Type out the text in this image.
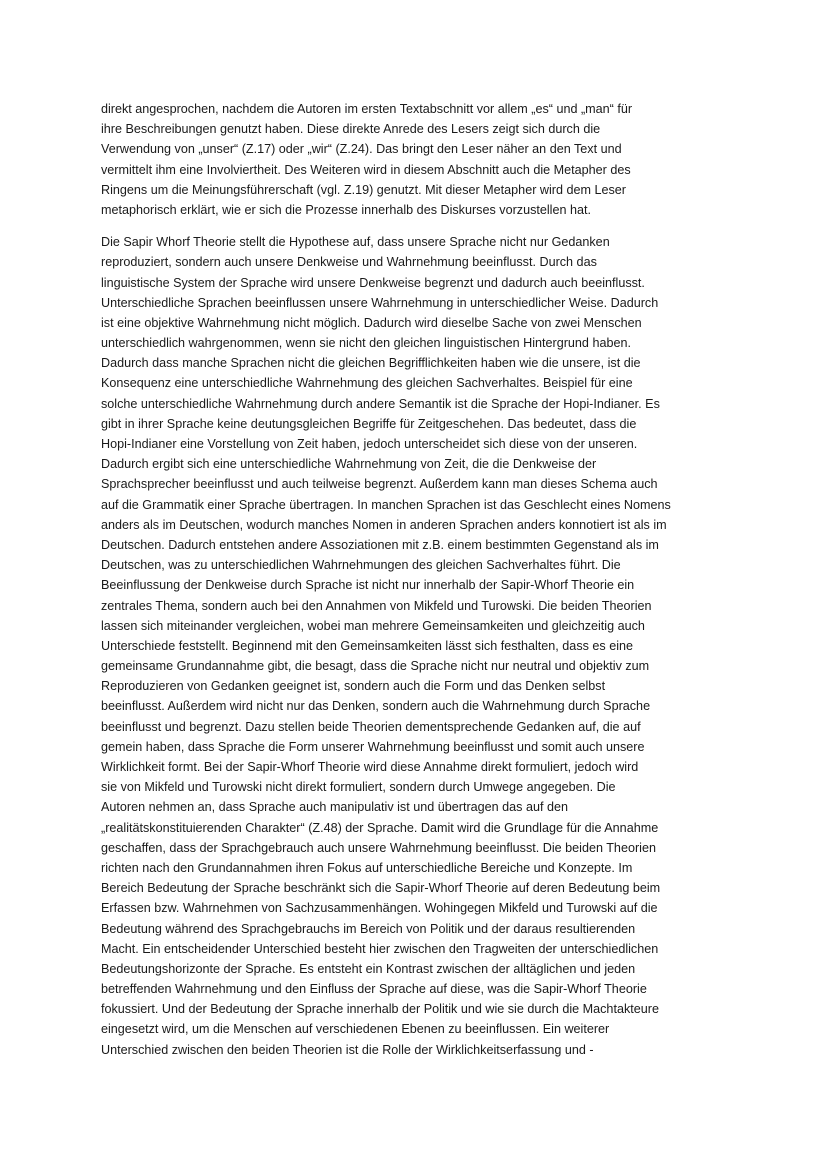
direkt angesprochen, nachdem die Autoren im ersten Textabschnitt vor allem „es“ und „man“ für
ihre Beschreibungen genutzt haben. Diese direkte Anrede des Lesers zeigt sich durch die
Verwendung von „unser“ (Z.17) oder „wir“ (Z.24). Das bringt den Leser näher an den Text und
vermittelt ihm eine Involviertheit. Des Weiteren wird in diesem Abschnitt auch die Metapher des
Ringens um die Meinungsführerschaft (vgl. Z.19) genutzt. Mit dieser Metapher wird dem Leser
metaphorisch erklärt, wie er sich die Prozesse innerhalb des Diskurses vorzustellen hat.
Die Sapir Whorf Theorie stellt die Hypothese auf, dass unsere Sprache nicht nur Gedanken
reproduziert, sondern auch unsere Denkweise und Wahrnehmung beeinflusst. Durch das
linguistische System der Sprache wird unsere Denkweise begrenzt und dadurch auch beeinflusst.
Unterschiedliche Sprachen beeinflussen unsere Wahrnehmung in unterschiedlicher Weise. Dadurch
ist eine objektive Wahrnehmung nicht möglich. Dadurch wird dieselbe Sache von zwei Menschen
unterschiedlich wahrgenommen, wenn sie nicht den gleichen linguistischen Hintergrund haben.
Dadurch dass manche Sprachen nicht die gleichen Begrifflichkeiten haben wie die unsere, ist die
Konsequenz eine unterschiedliche Wahrnehmung des gleichen Sachverhaltes. Beispiel für eine
solche unterschiedliche Wahrnehmung durch andere Semantik ist die Sprache der Hopi-Indianer. Es
gibt in ihrer Sprache keine deutungsgleichen Begriffe für Zeitgeschehen. Das bedeutet, dass die
Hopi-Indianer eine Vorstellung von Zeit haben, jedoch unterscheidet sich diese von der unseren.
Dadurch ergibt sich eine unterschiedliche Wahrnehmung von Zeit, die die Denkweise der
Sprachsprecher beeinflusst und auch teilweise begrenzt. Außerdem kann man dieses Schema auch
auf die Grammatik einer Sprache übertragen. In manchen Sprachen ist das Geschlecht eines Nomens
anders als im Deutschen, wodurch manches Nomen in anderen Sprachen anders konnotiert ist als im
Deutschen. Dadurch entstehen andere Assoziationen mit z.B. einem bestimmten Gegenstand als im
Deutschen, was zu unterschiedlichen Wahrnehmungen des gleichen Sachverhaltes führt. Die
Beeinflussung der Denkweise durch Sprache ist nicht nur innerhalb der Sapir-Whorf Theorie ein
zentrales Thema, sondern auch bei den Annahmen von Mikfeld und Turowski. Die beiden Theorien
lassen sich miteinander vergleichen, wobei man mehrere Gemeinsamkeiten und gleichzeitig auch
Unterschiede feststellt. Beginnend mit den Gemeinsamkeiten lässt sich festhalten, dass es eine
gemeinsame Grundannahme gibt, die besagt, dass die Sprache nicht nur neutral und objektiv zum
Reproduzieren von Gedanken geeignet ist, sondern auch die Form und das Denken selbst
beeinflusst. Außerdem wird nicht nur das Denken, sondern auch die Wahrnehmung durch Sprache
beeinflusst und begrenzt. Dazu stellen beide Theorien dementsprechende Gedanken auf, die auf
gemein haben, dass Sprache die Form unserer Wahrnehmung beeinflusst und somit auch unsere
Wirklichkeit formt. Bei der Sapir-Whorf Theorie wird diese Annahme direkt formuliert, jedoch wird
sie von Mikfeld und Turowski nicht direkt formuliert, sondern durch Umwege angegeben. Die
Autoren nehmen an, dass Sprache auch manipulativ ist und übertragen das auf den
„realitätskonstituierenden Charakter“ (Z.48) der Sprache. Damit wird die Grundlage für die Annahme
geschaffen, dass der Sprachgebrauch auch unsere Wahrnehmung beeinflusst. Die beiden Theorien
richten nach den Grundannahmen ihren Fokus auf unterschiedliche Bereiche und Konzepte. Im
Bereich Bedeutung der Sprache beschränkt sich die Sapir-Whorf Theorie auf deren Bedeutung beim
Erfassen bzw. Wahrnehmen von Sachzusammenhängen. Wohingegen Mikfeld und Turowski auf die
Bedeutung während des Sprachgebrauchs im Bereich von Politik und der daraus resultierenden
Macht. Ein entscheidender Unterschied besteht hier zwischen den Tragweiten der unterschiedlichen
Bedeutungshorizonte der Sprache. Es entsteht ein Kontrast zwischen der alltäglichen und jeden
betreffenden Wahrnehmung und den Einfluss der Sprache auf diese, was die Sapir-Whorf Theorie
fokussiert. Und der Bedeutung der Sprache innerhalb der Politik und wie sie durch die Machtakteure
eingesetzt wird, um die Menschen auf verschiedenen Ebenen zu beeinflussen. Ein weiterer
Unterschied zwischen den beiden Theorien ist die Rolle der Wirklichkeitserfassung und -
